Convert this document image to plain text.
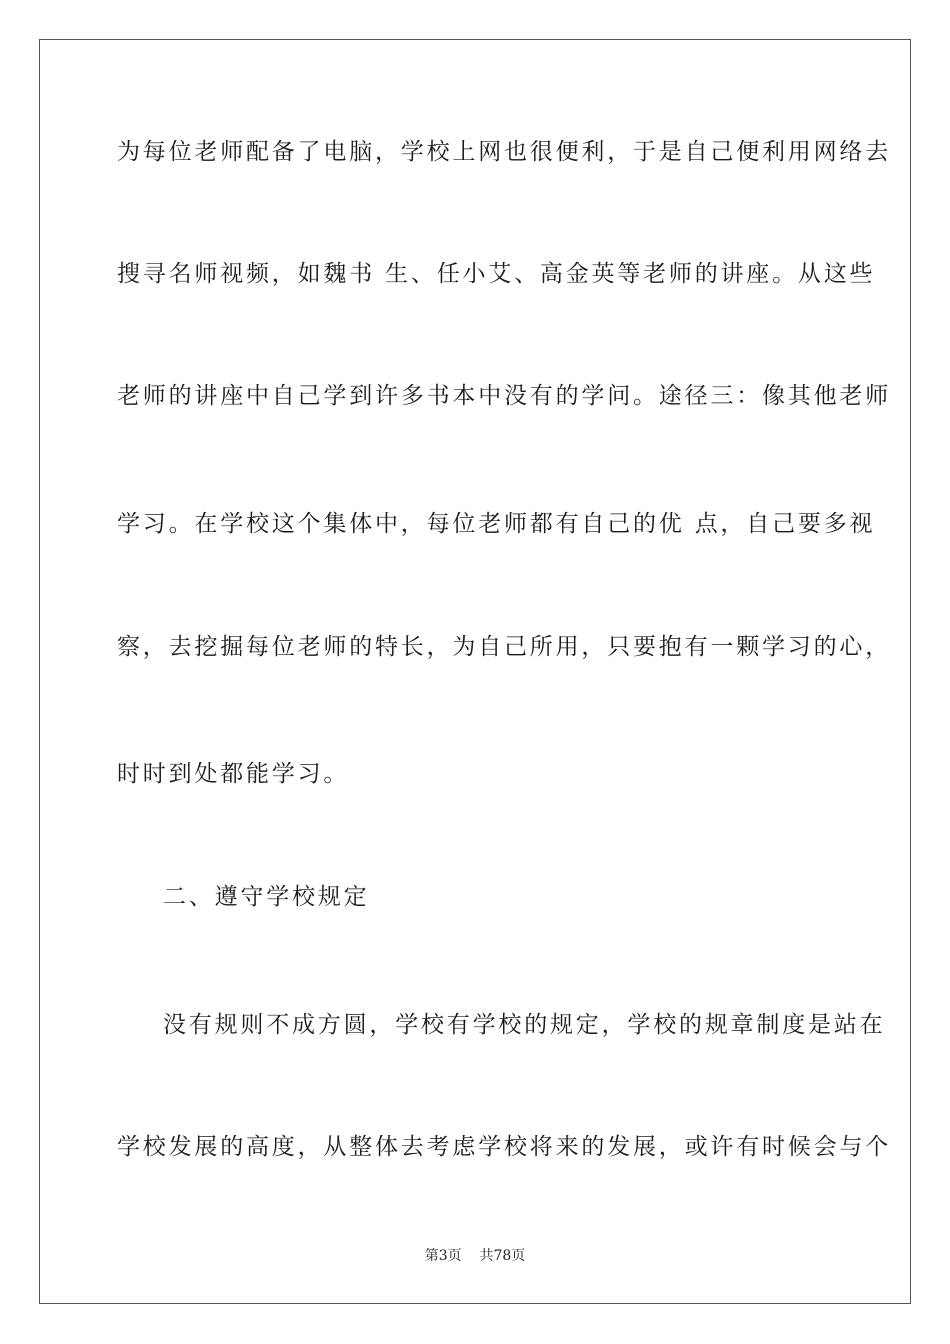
为每位老师配备了电脑，学校上网也很便利，于是自己便利用网络去
搜寻名师视频，如魏书 生、任小艾、高金英等老师的讲座。从这些
老师的讲座中自己学到许多书本中没有的学问。途径三：像其他老师
学习。在学校这个集体中，每位老师都有自己的优 点，自己要多视
察，去挖掘每位老师的特长，为自己所用，只要抱有一颗学习的心，
时时到处都能学习。
二、遵守学校规定
没有规则不成方圆，学校有学校的规定，学校的规章制度是站在
学校发展的高度，从整体去考虑学校将来的发展，或许有时候会与个
第3页 共78页
